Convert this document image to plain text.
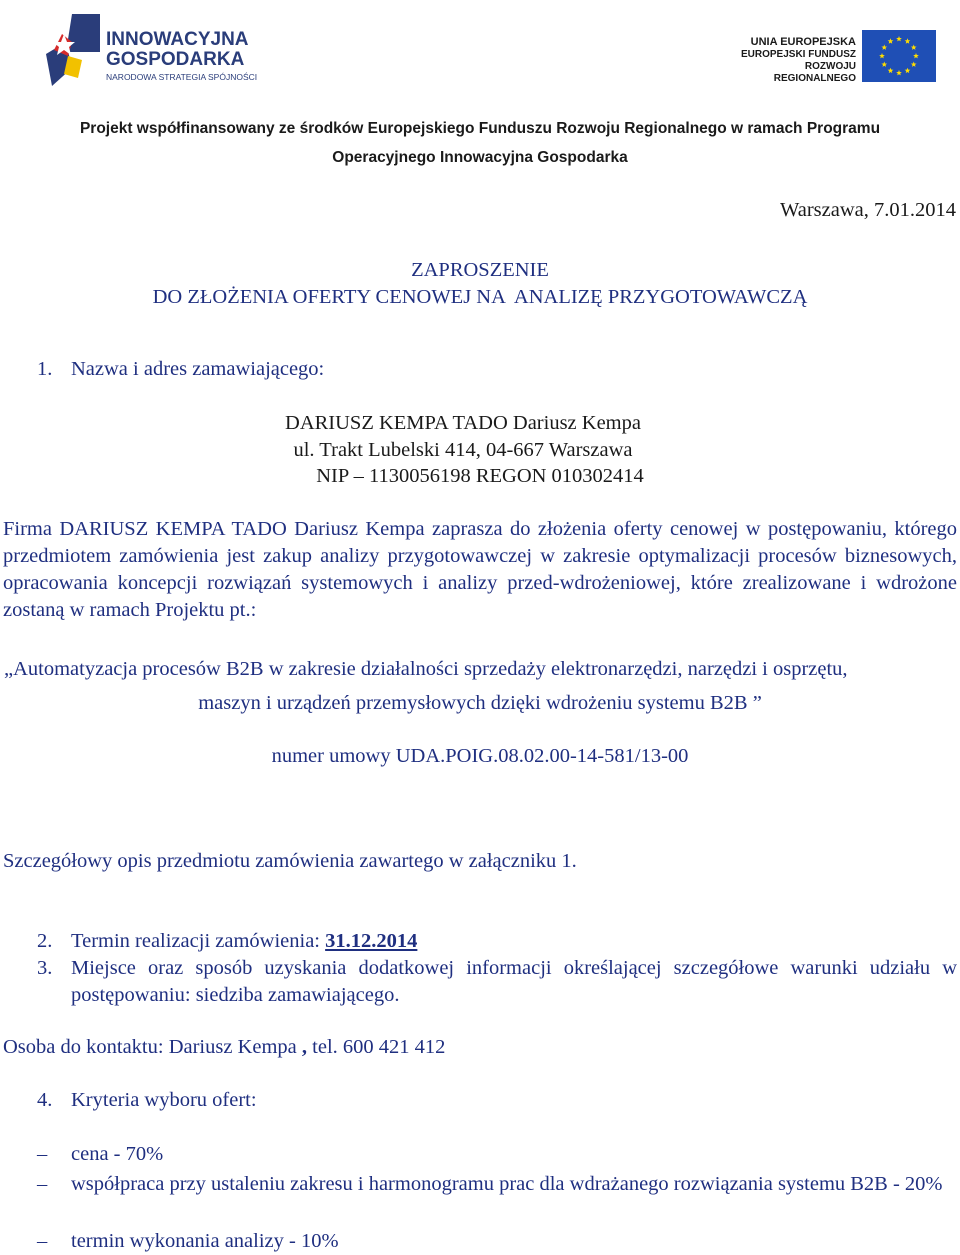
INNOWACYJNA
GOSPODARKA
NARODOWA STRATEGIA SPÓJNOŚCI
UNIA EUROPEJSKA
EUROPEJSKI FUNDUSZ
ROZWOJU REGIONALNEGO
Projekt współfinansowany ze środków Europejskiego Funduszu Rozwoju Regionalnego w ramach Programu
Operacyjnego Innowacyjna Gospodarka
Warszawa, 7.01.2014
ZAPROSZENIE
DO ZŁOŻENIA OFERTY CENOWEJ NA  ANALIZĘ PRZYGOTOWAWCZĄ
1. Nazwa i adres zamawiającego:
DARIUSZ KEMPA TADO Dariusz Kempa
ul. Trakt Lubelski 414, 04-667 Warszawa
NIP – 1130056198 REGON 010302414
Firma DARIUSZ KEMPA TADO Dariusz Kempa zaprasza do złożenia oferty cenowej w postępowaniu, którego przedmiotem zamówienia jest zakup analizy przygotowawczej w zakresie optymalizacji procesów biznesowych, opracowania koncepcji rozwiązań systemowych i analizy przed-wdrożeniowej, które zrealizowane i wdrożone zostaną w ramach Projektu pt.:
„Automatyzacja procesów B2B w zakresie działalności sprzedaży elektronarzędzi, narzędzi i osprzętu,
maszyn i urządzeń przemysłowych dzięki wdrożeniu systemu B2B ”
numer umowy UDA.POIG.08.02.00-14-581/13-00
Szczegółowy opis przedmiotu zamówienia zawartego w załączniku 1.
2. Termin realizacji zamówienia: 31.12.2014
3. Miejsce oraz sposób uzyskania dodatkowej informacji określającej szczegółowe warunki udziału w postępowaniu: siedziba zamawiającego.
Osoba do kontaktu: Dariusz Kempa , tel. 600 421 412
4. Kryteria wyboru ofert:
– cena - 70%
– współpraca przy ustaleniu zakresu i harmonogramu prac dla wdrażanego rozwiązania systemu B2B - 20%
– termin wykonania analizy - 10%
